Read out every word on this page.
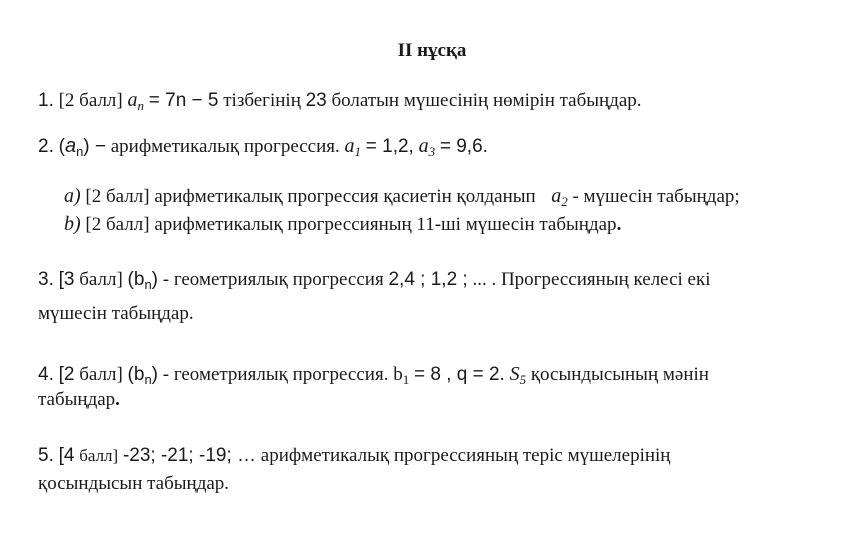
II нұсқа
1. [2 балл] $a_n = 7n - 5$ тізбегінің 23 болатын мүшесінің нөмірін табыңдар.
2. $(a_n)$ − арифметикалық прогрессия. $a_1 = 1,2$, $a_3 = 9,6$.
a) [2 балл] арифметикалық прогрессия қасиетін қолданып $a_2$ - мүшесін табыңдар;
b) [2 балл] арифметикалық прогрессияның 11-ші мүшесін табыңдар.
3. [3 балл] $(b_n)$ - геометриялық прогрессия 2,4 ; 1,2 ; ... . Прогрессияның келесі екі
мүшесін табыңдар.
4. [2 балл] $(b_n)$ - геометриялық прогрессия. $b_1 = 8$ , q = 2. $S_5$ қосындысының мәнін
табыңдар.
5. [4 балл] -23; -21; -19; … арифметикалық прогрессияның теріс мүшелерінің
қосындысын табыңдар.
